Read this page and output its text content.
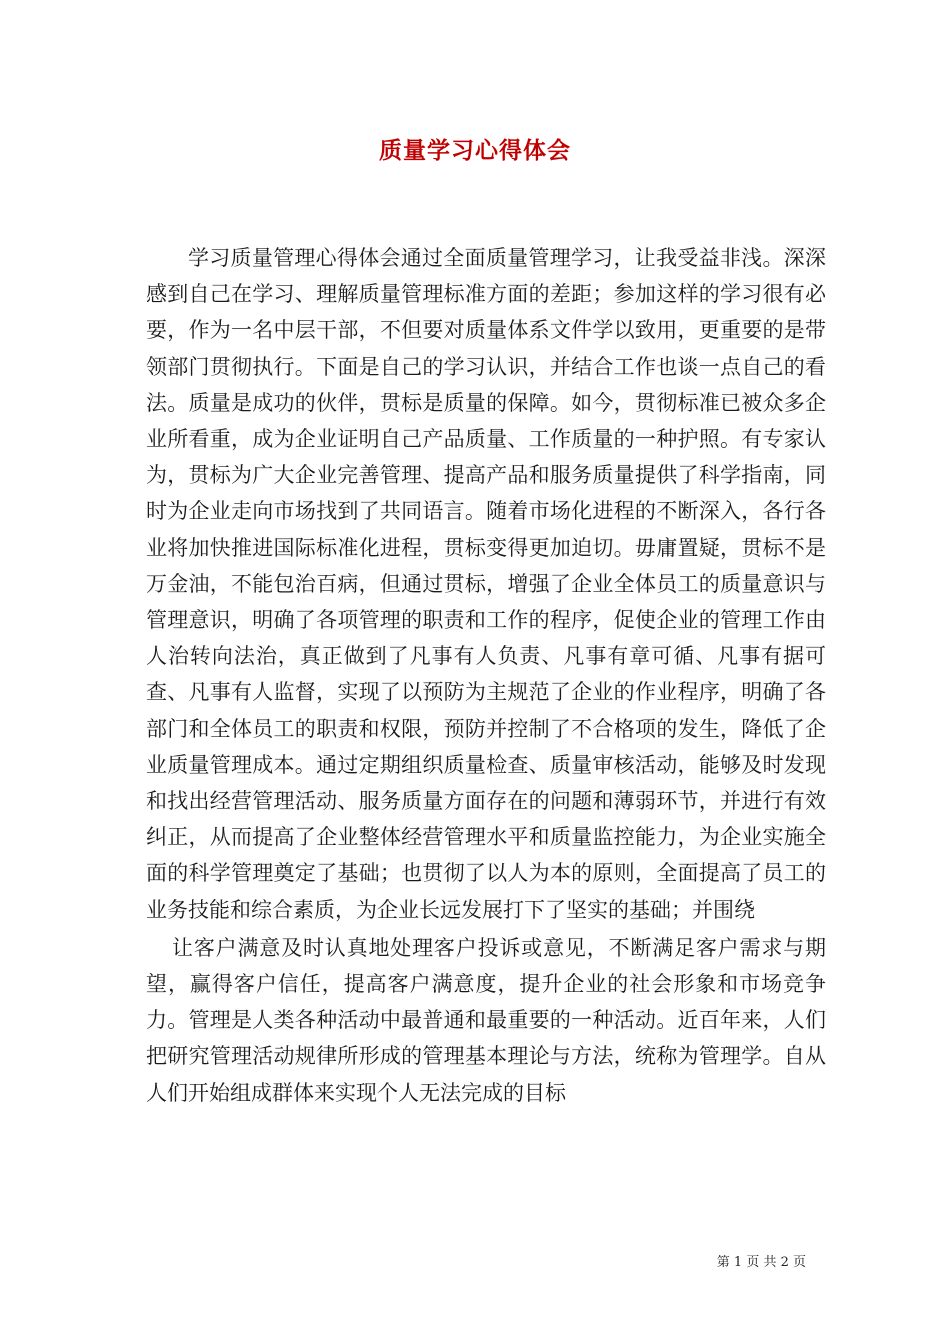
质量学习心得体会

学习质量管理心得体会通过全面质量管理学习，让我受益非浅。深深感到自己在学习、理解质量管理标准方面的差距；参加这样的学习很有必要，作为一名中层干部，不但要对质量体系文件学以致用，更重要的是带领部门贯彻执行。下面是自己的学习认识，并结合工作也谈一点自己的看法。质量是成功的伙伴，贯标是质量的保障。如今，贯彻标准已被众多企业所看重，成为企业证明自己产品质量、工作质量的一种护照。有专家认为，贯标为广大企业完善管理、提高产品和服务质量提供了科学指南，同时为企业走向市场找到了共同语言。随着市场化进程的不断深入，各行各业将加快推进国际标准化进程，贯标变得更加迫切。毋庸置疑，贯标不是万金油，不能包治百病，但通过贯标，增强了企业全体员工的质量意识与管理意识，明确了各项管理的职责和工作的程序，促使企业的管理工作由人治转向法治，真正做到了凡事有人负责、凡事有章可循、凡事有据可查、凡事有人监督，实现了以预防为主规范了企业的作业程序，明确了各部门和全体员工的职责和权限，预防并控制了不合格项的发生，降低了企业质量管理成本。通过定期组织质量检查、质量审核活动，能够及时发现和找出经营管理活动、服务质量方面存在的问题和薄弱环节，并进行有效纠正，从而提高了企业整体经营管理水平和质量监控能力，为企业实施全面的科学管理奠定了基础；也贯彻了以人为本的原则，全面提高了员工的业务技能和综合素质，为企业长远发展打下了坚实的基础；并围绕

让客户满意及时认真地处理客户投诉或意见，不断满足客户需求与期望，赢得客户信任，提高客户满意度，提升企业的社会形象和市场竞争力。管理是人类各种活动中最普通和最重要的一种活动。近百年来，人们把研究管理活动规律所形成的管理基本理论与方法，统称为管理学。自从人们开始组成群体来实现个人无法完成的目标

第 1 页 共 2 页
